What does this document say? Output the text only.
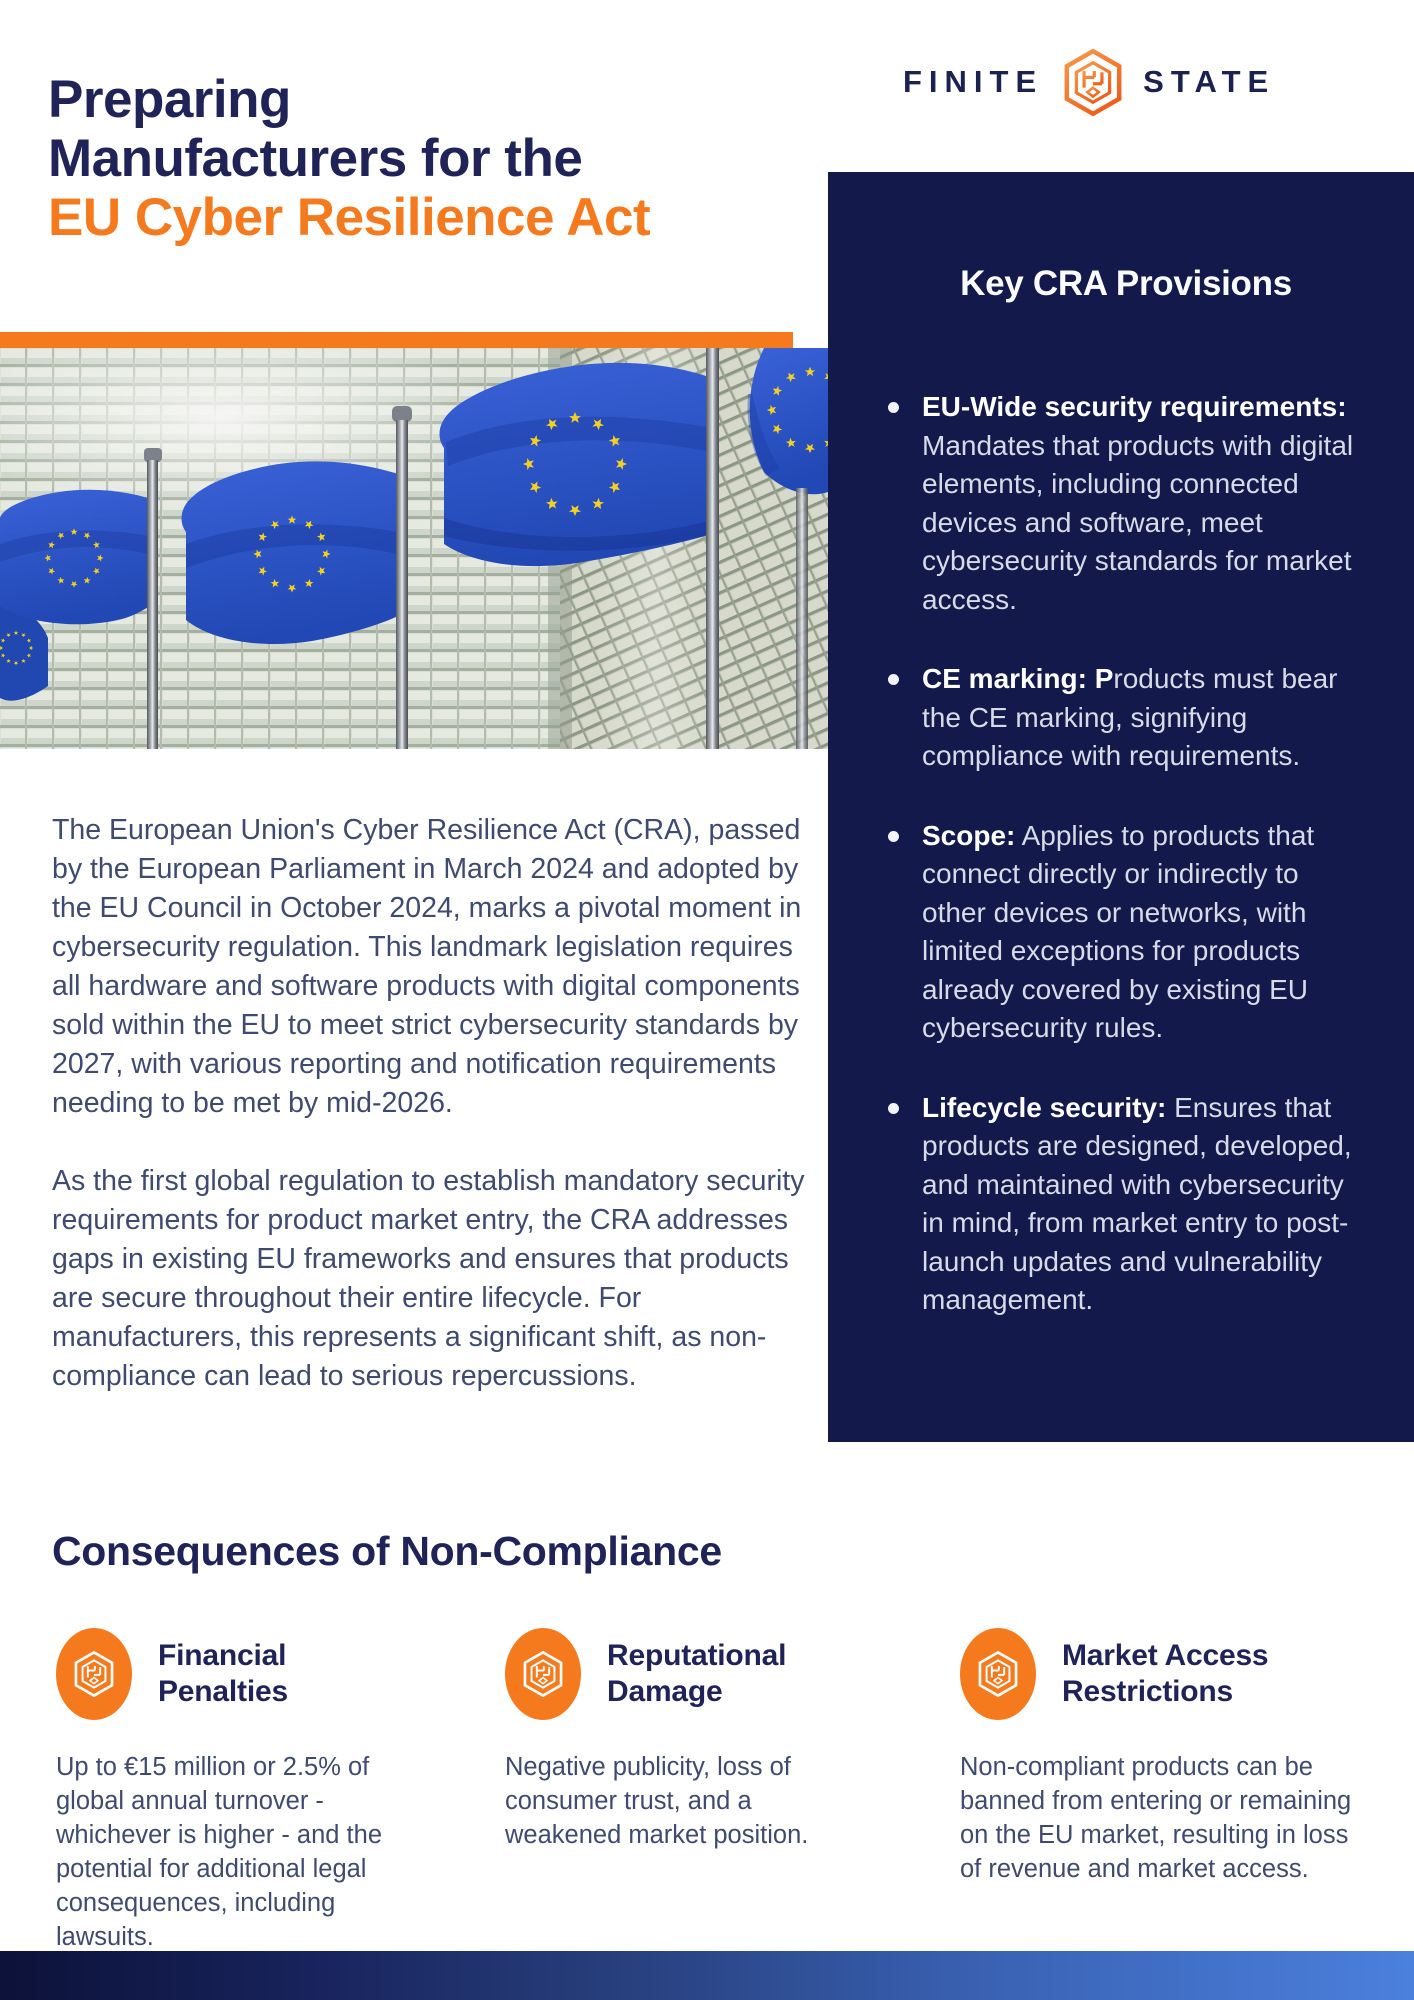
Preparing
Manufacturers for the
EU Cyber Resilience Act
FINITE	STATE
Key CRA Provisions
EU-Wide security requirements: Mandates that products with digital elements, including connected devices and software, meet cybersecurity standards for market access.
CE marking: Products must bear the CE marking, signifying compliance with requirements.
Scope: Applies to products that connect directly or indirectly to other devices or networks, with limited exceptions for products already covered by existing EU cybersecurity rules.
Lifecycle security: Ensures that products are designed, developed, and maintained with cybersecurity in mind, from market entry to post-launch updates and vulnerability management.

The European Union's Cyber Resilience Act (CRA), passed by the European Parliament in March 2024 and adopted by the EU Council in October 2024, marks a pivotal moment in cybersecurity regulation. This landmark legislation requires all hardware and software products with digital components sold within the EU to meet strict cybersecurity standards by 2027, with various reporting and notification requirements needing to be met by mid-2026.

As the first global regulation to establish mandatory security requirements for product market entry, the CRA addresses gaps in existing EU frameworks and ensures that products are secure throughout their entire lifecycle. For manufacturers, this represents a significant shift, as non-compliance can lead to serious repercussions.

Consequences of Non-Compliance
Financial Penalties

Up to €15 million or 2.5% of global annual turnover - whichever is higher - and the potential for additional legal consequences, including lawsuits.

Reputational Damage

Negative publicity, loss of consumer trust, and a weakened market position.

Market Access Restrictions

Non-compliant products can be banned from entering or remaining on the EU market, resulting in loss of revenue and market access.
